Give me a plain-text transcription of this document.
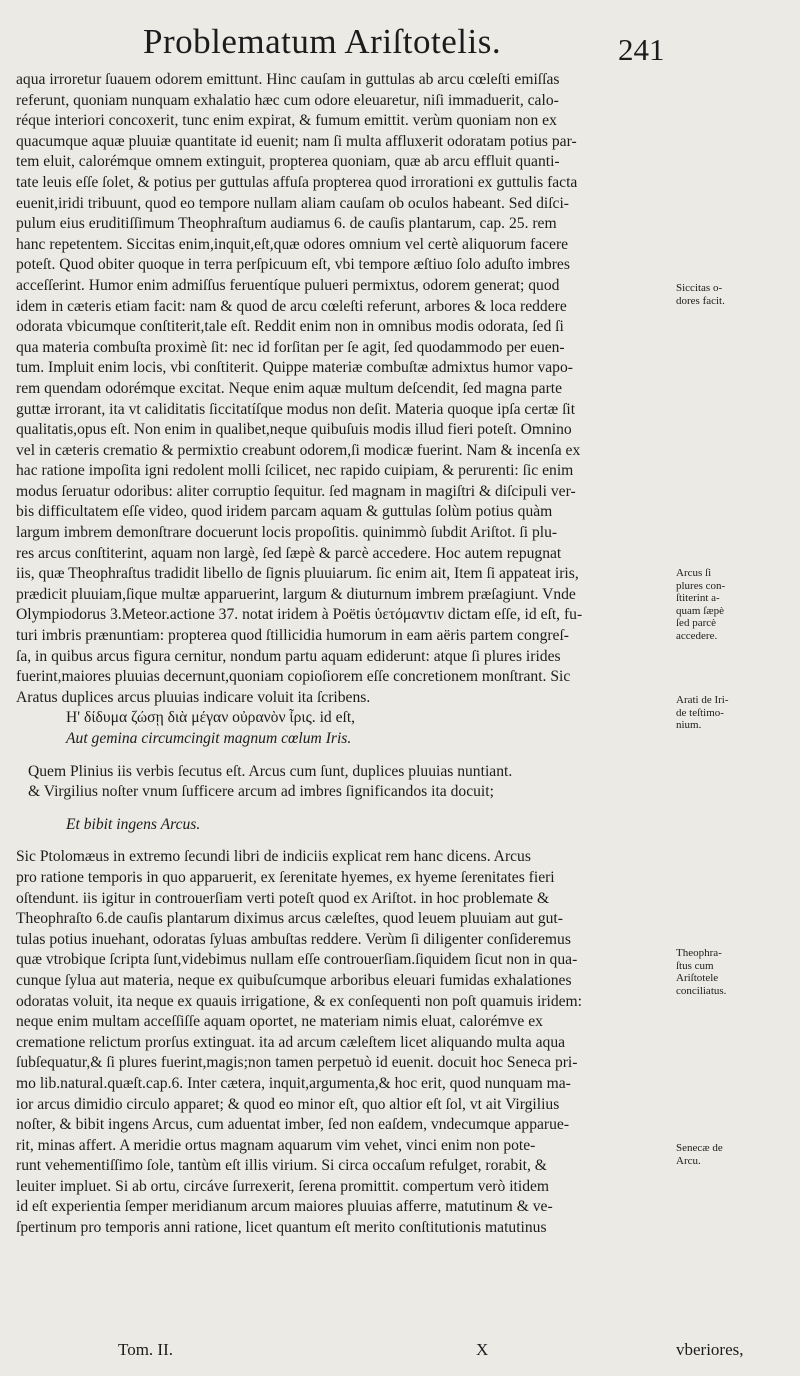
Problematum Ariſtotelis.	241
aqua irroretur ſuauem odorem emittunt. Hinc cauſam in guttulas ab arcu cœleſti emiſſas
referunt, quoniam nunquam exhalatio hæc cum odore eleuaretur, niſi immaduerit, calo-
réque interiori concoxerit, tunc enim expirat, & fumum emittit. verùm quoniam non ex
quacumque aquæ pluuiæ quantitate id euenit; nam ſi multa affluxerit odoratam potius par-
tem eluit, calorémque omnem extinguit, propterea quoniam, quæ ab arcu effluit quanti-
tate leuis eſſe ſolet, & potius per guttulas affuſa propterea quod irrorationi ex guttulis facta
euenit,iridi tribuunt, quod eo tempore nullam aliam cauſam ob oculos habeant. Sed diſci-
pulum eius eruditiſſimum Theophraſtum audiamus 6. de cauſis plantarum, cap. 25. rem
hanc repetentem. Siccitas enim,inquit,eſt,quæ odores omnium vel certè aliquorum facere
poteſt. Quod obiter quoque in terra perſpicuum eſt, vbi tempore æſtiuo ſolo aduſto imbres
acceſſerint. Humor enim admiſſus feruentíque pulueri permixtus, odorem generat; quod
idem in cæteris etiam facit: nam & quod de arcu cœleſti referunt, arbores & loca reddere
odorata vbicumque conſtiterit,tale eſt. Reddit enim non in omnibus modis odorata, ſed ſi
qua materia combuſta proximè ſit: nec id forſitan per ſe agit, ſed quodammodo per euen-
tum. Impluit enim locis, vbi conſtiterit. Quippe materiæ combuſtæ admixtus humor vapo-
rem quendam odorémque excitat. Neque enim aquæ multum deſcendit, ſed magna parte
guttæ irrorant, ita vt caliditatis ſiccitatíſque modus non deſit. Materia quoque ipſa certæ ſit
qualitatis,opus eſt. Non enim in qualibet,neque quibuſuis modis illud fieri poteſt. Omnino
vel in cæteris crematio & permixtio creabunt odorem,ſi modicæ fuerint. Nam & incenſa ex
hac ratione impoſita igni redolent molli ſcilicet, nec rapido cuipiam, & perurenti: ſic enim
modus ſeruatur odoribus: aliter corruptio ſequitur. ſed magnam in magiſtri & diſcipuli ver-
bis difficultatem eſſe video, quod iridem parcam aquam & guttulas ſolùm potius quàm
largum imbrem demonſtrare docuerunt locis propoſitis. quinimmò ſubdit Ariſtot. ſi plu-
res arcus conſtiterint, aquam non largè, ſed ſæpè & parcè accedere. Hoc autem repugnat
iis, quæ Theophraſtus tradidit libello de ſignis pluuiarum. ſic enim ait, Item ſi appateat iris,
prædicit pluuiam,ſique multæ apparuerint, largum & diuturnum imbrem præſagiunt. Vnde
Olympiodorus 3.Meteor.actione 37. notat iridem à Poëtis ὑετόμαντιν dictam eſſe, id eſt, fu-
turi imbris prænuntiam: propterea quod ſtillicidia humorum in eam aëris partem congreſ-
ſa, in quibus arcus figura cernitur, nondum partu aquam ediderunt: atque ſi plures irides
fuerint,maiores pluuias decernunt,quoniam copioſiorem eſſe concretionem monſtrant. Sic
Aratus duplices arcus pluuias indicare voluit ita ſcribens.
Η' δίδυμα ζώσῃ διὰ μέγαν οὐρανὸν ἶρις. id eſt,
Aut gemina circumcingit magnum cœlum Iris.
Quem Plinius iis verbis ſecutus eſt. Arcus cum ſunt, duplices pluuias nuntiant.
& Virgilius noſter vnum ſufficere arcum ad imbres ſignificandos ita docuit;
Et bibit ingens Arcus.
Sic Ptolomæus in extremo ſecundi libri de indiciis explicat rem hanc dicens. Arcus
pro ratione temporis in quo apparuerit, ex ſerenitate hyemes, ex hyeme ſerenitates fieri
oſtendunt. iis igitur in controuerſiam verti poteſt quod ex Ariſtot. in hoc problemate &
Theophraſto 6.de cauſis plantarum diximus arcus cæleſtes, quod leuem pluuiam aut gut-
tulas potius inuehant, odoratas ſyluas ambuſtas reddere. Verùm ſi diligenter conſideremus
quæ vtrobique ſcripta ſunt,videbimus nullam eſſe controuerſiam.ſiquidem ſicut non in qua-
cunque ſylua aut materia, neque ex quibuſcumque arboribus eleuari fumidas exhalationes
odoratas voluit, ita neque ex quauis irrigatione, & ex conſequenti non poſt quamuis iridem:
neque enim multam acceſſiſſe aquam oportet, ne materiam nimis eluat, calorémve ex
crematione relictum prorſus extinguat. ita ad arcum cæleſtem licet aliquando multa aqua
ſubſequatur,& ſi plures fuerint,magis;non tamen perpetuò id euenit. docuit hoc Seneca pri-
mo lib.natural.quæſt.cap.6. Inter cætera, inquit,argumenta,& hoc erit, quod nunquam ma-
ior arcus dimidio circulo apparet; & quod eo minor eſt, quo altior eſt ſol, vt ait Virgilius
noſter, & bibit ingens Arcus, cum aduentat imber, ſed non eaſdem, vndecumque apparue-
rit, minas affert. A meridie ortus magnam aquarum vim vehet, vinci enim non pote-
runt vehementiſſimo ſole, tantùm eſt illis virium. Si circa occaſum refulget, rorabit, &
leuiter impluet. Si ab ortu, circáve ſurrexerit, ſerena promittit. compertum verò itidem
id eſt experientia ſemper meridianum arcum maiores pluuias afferre, matutinum & ve-
ſpertinum pro temporis anni ratione, licet quantum eſt merito conſtitutionis matutinus
Siccitas o-
dores facit.
Arcus ſi
plures con-
ſtiterint a-
quam ſæpè
ſed parcè
accedere.
Arati de Iri-
de teſtimo-
nium.
Theophra-
ſtus cum
Ariſtotele
conciliatus.
Senecæ de
Arcu.
Tom. II.	X	vberiores,
